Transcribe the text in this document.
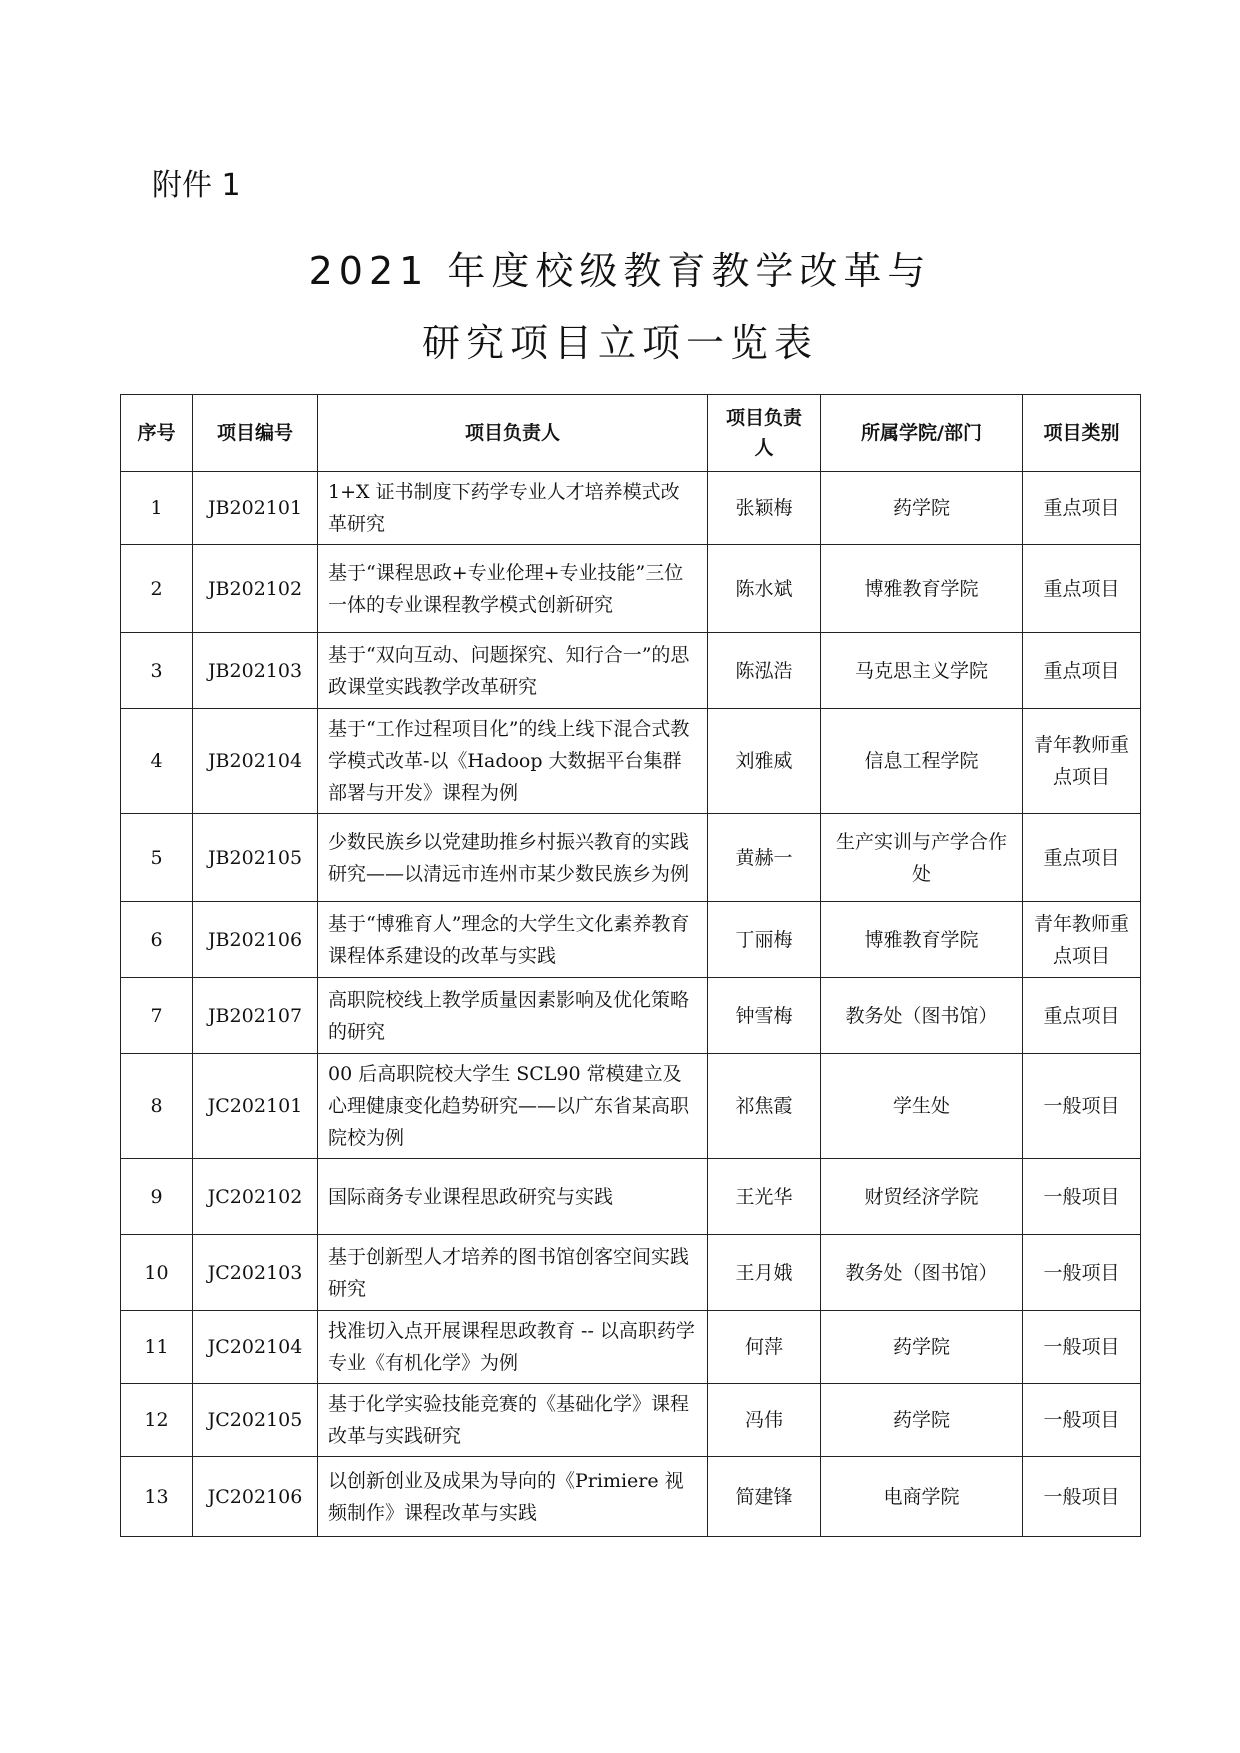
附件 1
2021 年度校级教育教学改革与
研究项目立项一览表
序号	项目编号	项目负责人	项目负责人	所属学院/部门	项目类别
1	JB202101	1+X 证书制度下药学专业人才培养模式改革研究	张颖梅	药学院	重点项目
2	JB202102	基于“课程思政+专业伦理+专业技能”三位一体的专业课程教学模式创新研究	陈水斌	博雅教育学院	重点项目
3	JB202103	基于“双向互动、问题探究、知行合一”的思政课堂实践教学改革研究	陈泓浩	马克思主义学院	重点项目
4	JB202104	基于“工作过程项目化”的线上线下混合式教学模式改革-以《Hadoop 大数据平台集群部署与开发》课程为例	刘雅威	信息工程学院	青年教师重点项目
5	JB202105	少数民族乡以党建助推乡村振兴教育的实践研究——以清远市连州市某少数民族乡为例	黄赫一	生产实训与产学合作处	重点项目
6	JB202106	基于“博雅育人”理念的大学生文化素养教育课程体系建设的改革与实践	丁丽梅	博雅教育学院	青年教师重点项目
7	JB202107	高职院校线上教学质量因素影响及优化策略的研究	钟雪梅	教务处（图书馆）	重点项目
8	JC202101	00 后高职院校大学生 SCL90 常模建立及心理健康变化趋势研究——以广东省某高职院校为例	祁焦霞	学生处	一般项目
9	JC202102	国际商务专业课程思政研究与实践	王光华	财贸经济学院	一般项目
10	JC202103	基于创新型人才培养的图书馆创客空间实践研究	王月娥	教务处（图书馆）	一般项目
11	JC202104	找准切入点开展课程思政教育 -- 以高职药学专业《有机化学》为例	何萍	药学院	一般项目
12	JC202105	基于化学实验技能竞赛的《基础化学》课程改革与实践研究	冯伟	药学院	一般项目
13	JC202106	以创新创业及成果为导向的《Primiere 视频制作》课程改革与实践	简建锋	电商学院	一般项目
